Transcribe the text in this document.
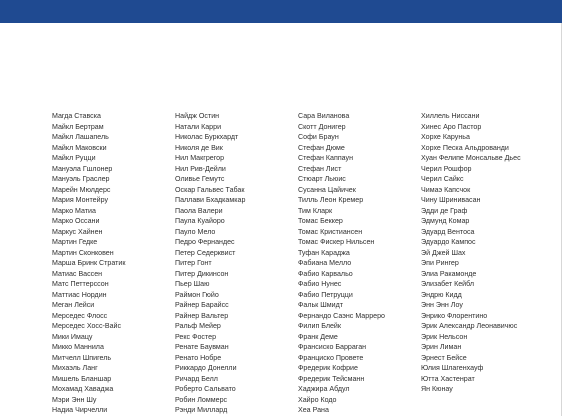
Магда Ставска
Майкл Бертрам
Майкл Лашапель
Майкл Маковски
Майкл Руцци
Мануэла Гшлонер
Мануэль Граслер
Марейн Мюлдерс
Мария Монтейру
Марко Матиа
Марко Оссани
Маркус Хайнен
Мартин Гедке
Мартин Сконковен
Марша Бринк Стратик
Матиас Вассен
Матс Петтерссон
Маттиас Нордин
Меган Лейси
Мерседес Флосс
Мерседес Хосс-Вайс
Мики Имацу
Микко Маннила
Митчелл Шпигель
Михаэль Ланг
Мишель Бланшар
Мохамад Хаваджа
Мэри Энн Шу
Надиа Чирчелли
Найдж Остин
Натали Карри
Николас Буркхардт
Николя де Вик
Нил Макгрегор
Нил Рив-Дейли
Оливье Гемутс
Оскар Гальвес Табак
Паллави Бхадкамкар
Паола Валери
Паула Куайоро
Пауло Мело
Педро Фернандес
Петер Седерквист
Питер Гонт
Питер Дикинсон
Пьер Шаю
Раймон Гюйо
Райнер Барайсс
Райнер Вальтер
Ральф Мейер
Рекс Фостер
Ренате Баувман
Ренато Нобре
Риккардо Донелли
Ричард Белл
Роберто Сальвато
Робин Ломмерс
Рэнди Миллард
Сара Виланова
Скотт Донигер
Софи Браун
Стефан Дюме
Стефан Каппаун
Стефан Лист
Стюарт Льюис
Сусанна Цайичек
Тилль Леон Кремер
Тим Кларк
Томас Беккер
Томас Кристиансен
Томас Фискер Нильсен
Туфан Караджа
Фабиана Мелло
Фабио Карвальо
Фабио Нунес
Фабио Петруцци
Фальк Шмидт
Фернандо Саэнс Марреро
Филип Блейк
Франк Деме
Франсиско Барраган
Франциско Провете
Фредерик Кофрие
Фредерик Тейсманн
Хаджира Абдул
Хайро Кодо
Хеа Рана
Хиллель Ниссани
Хинес Аро Пастор
Хорхе Каруньа
Хорхе Песка Альдрованди
Хуан Фелипе Монсальве Дьес
Черил Рошфор
Черил Сайкс
Чимаэ Капсчок
Чину Шринивасан
Эдди де Граф
Эдмунд Комар
Эдуард Вентоса
Эдуардо Кампос
Эй Джей Шах
Эпи Рингер
Элиа Ракамонде
Элизабет Кейбл
Эндрю Кидд
Энн Энн Лоу
Энрико Флорентино
Эрик Александр Леонавичюс
Эрик Нельсон
Эрин Лиман
Эрнест Бейсе
Юлия Шлагенхауф
Ютта Хастенрат
Ян Кюнау
